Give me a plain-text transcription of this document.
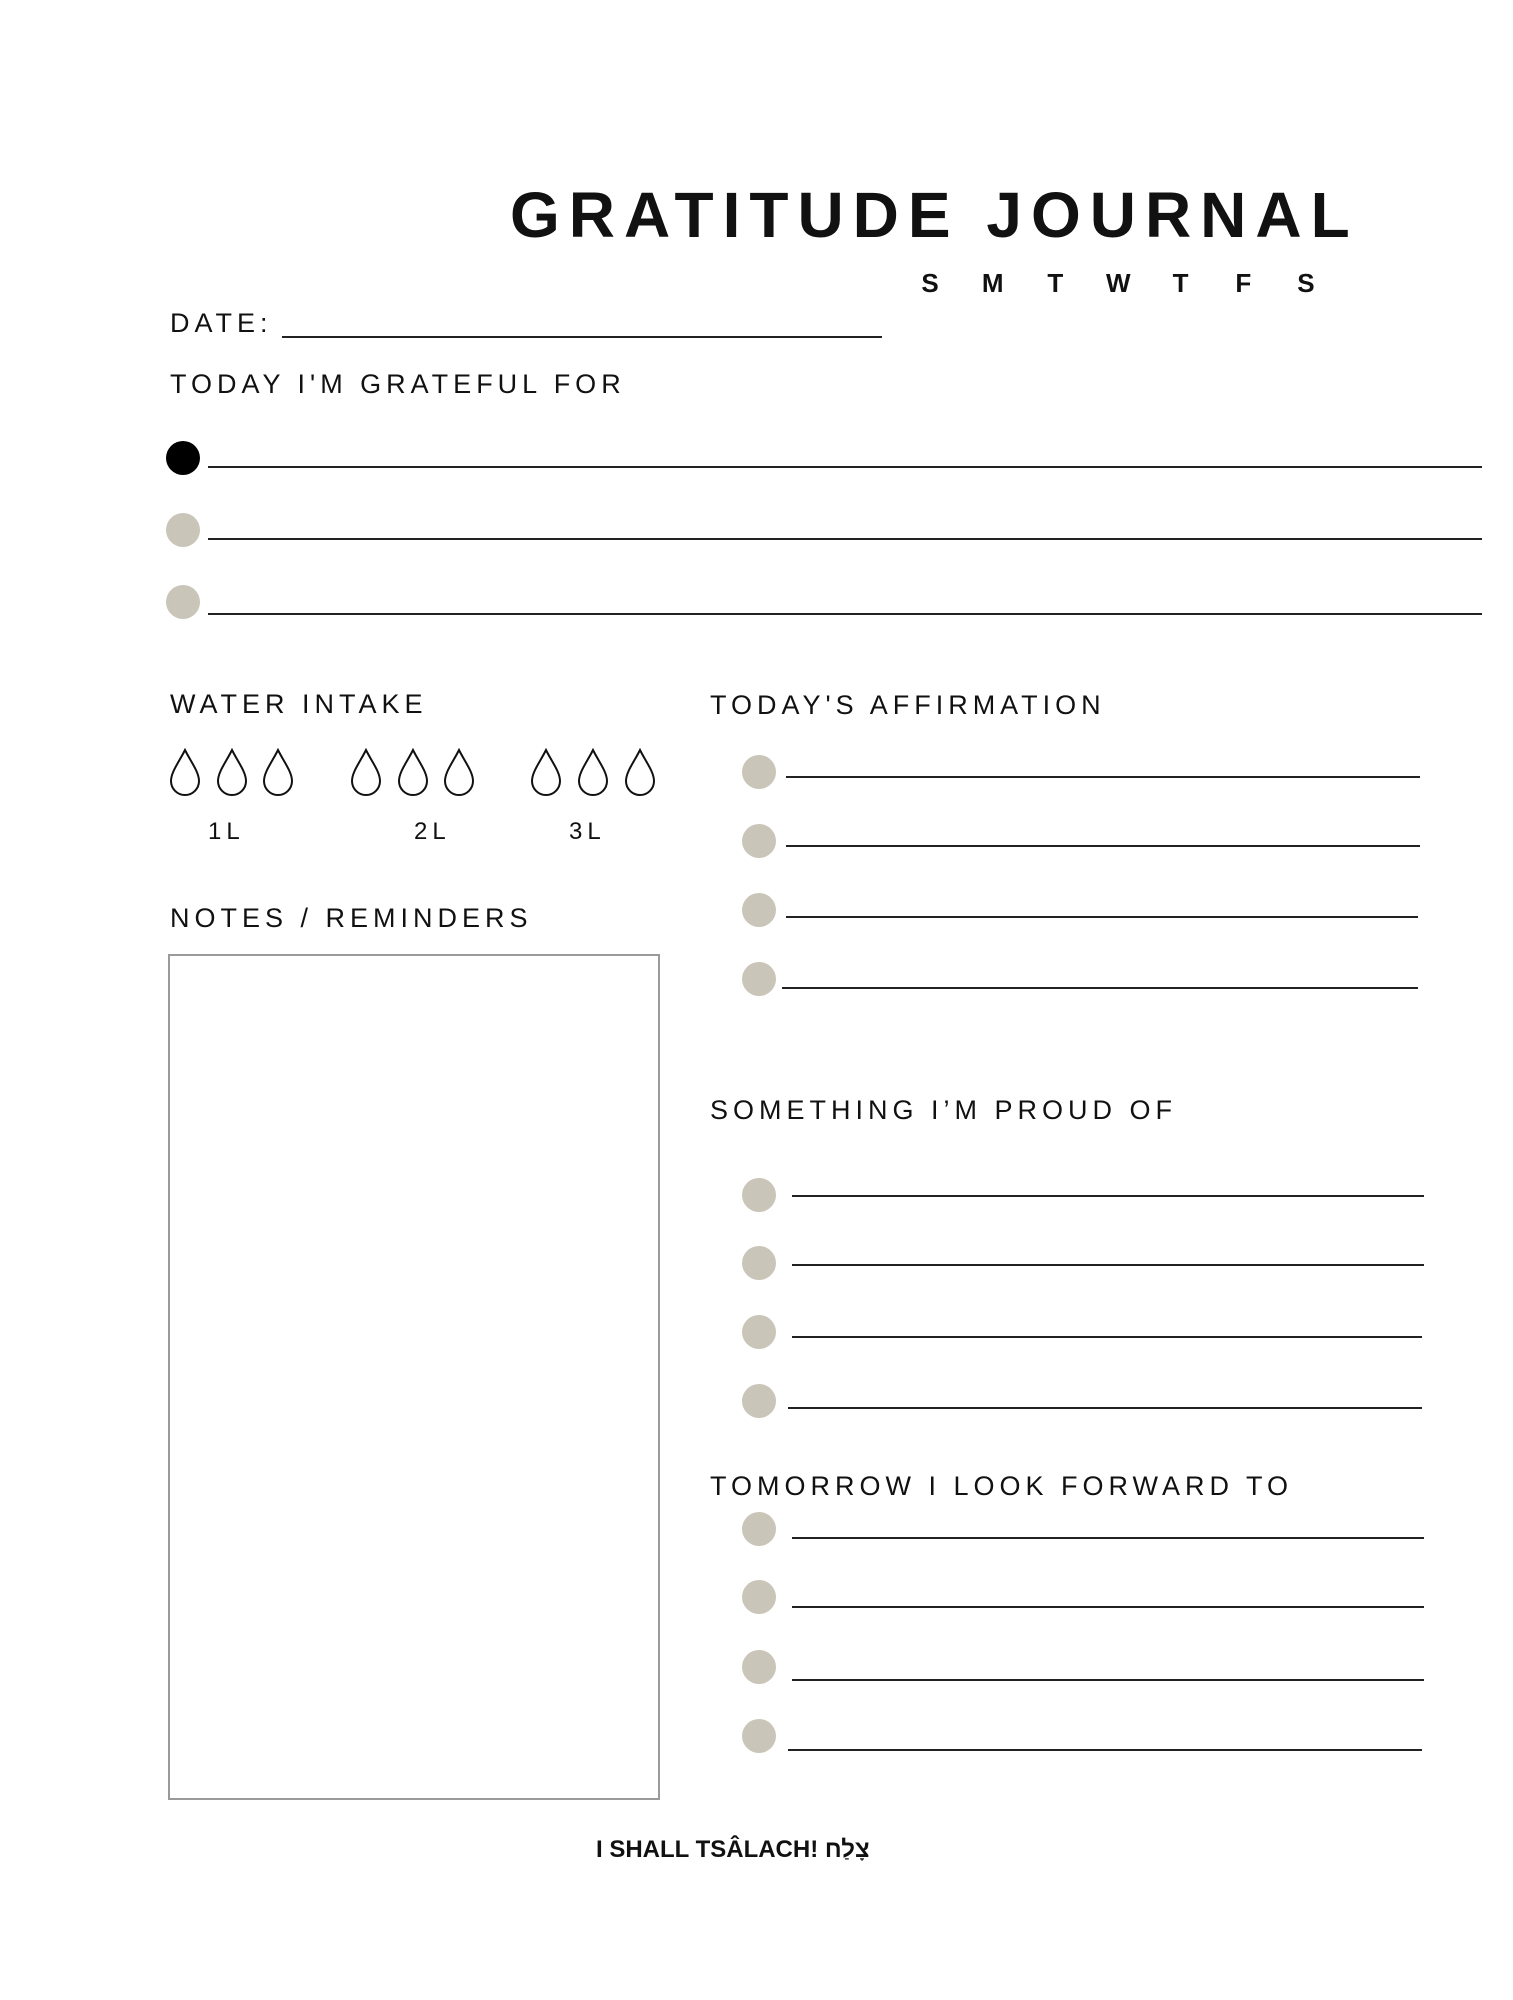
GRATITUDE JOURNAL
S M T W T F S
DATE:
TODAY I'M GRATEFUL FOR
WATER INTAKE
1L	2L	3L
NOTES / REMINDERS
TODAY'S AFFIRMATION
SOMETHING I’M PROUD OF
TOMORROW I LOOK FORWARD TO
I SHALL TSÂLACH! צָלַח
